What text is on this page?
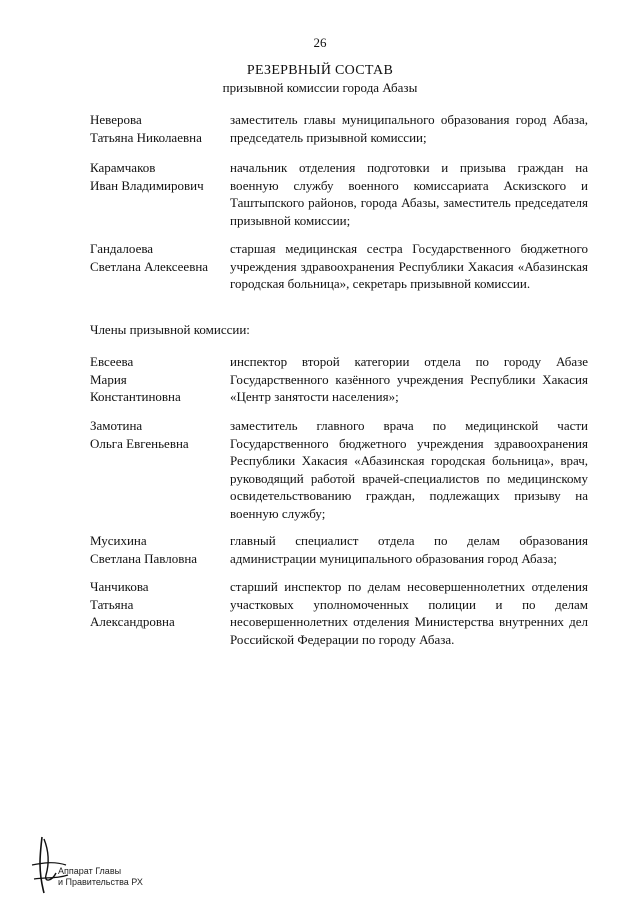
26
РЕЗЕРВНЫЙ СОСТАВ
призывной комиссии города Абазы
Неверова
Татьяна Николаевна
заместитель главы муниципального образования город Абаза, председатель призывной комиссии;
Карамчаков
Иван Владимирович
начальник отделения подготовки и призыва граждан на военную службу военного комиссариата Аскизского и Таштыпского районов, города Абазы, заместитель председателя призывной комиссии;
Гандалоева
Светлана Алексеевна
старшая медицинская сестра Государственного бюджетного учреждения здравоохранения Республики Хакасия «Абазинская городская больница», секретарь призывной комиссии.
Члены призывной комиссии:
Евсеева
Мария
Константиновна
инспектор второй категории отдела по городу Абазе Государственного казённого учреждения Республики Хакасия «Центр занятости населения»;
Замотина
Ольга Евгеньевна
заместитель главного врача по медицинской части Государственного бюджетного учреждения здравоохранения Республики Хакасия «Абазинская городская больница», врач, руководящий работой врачей-специалистов по медицинскому освидетельствованию граждан, подлежащих призыву на военную службу;
Мусихина
Светлана Павловна
главный специалист отдела по делам образования администрации муниципального образования город Абаза;
Чанчикова
Татьяна
Александровна
старший инспектор по делам несовершеннолетних отделения участковых уполномоченных полиции и по делам несовершеннолетних отделения Министерства внутренних дел Российской Федерации по городу Абаза.
Аппарат Главы
и Правительства РХ
